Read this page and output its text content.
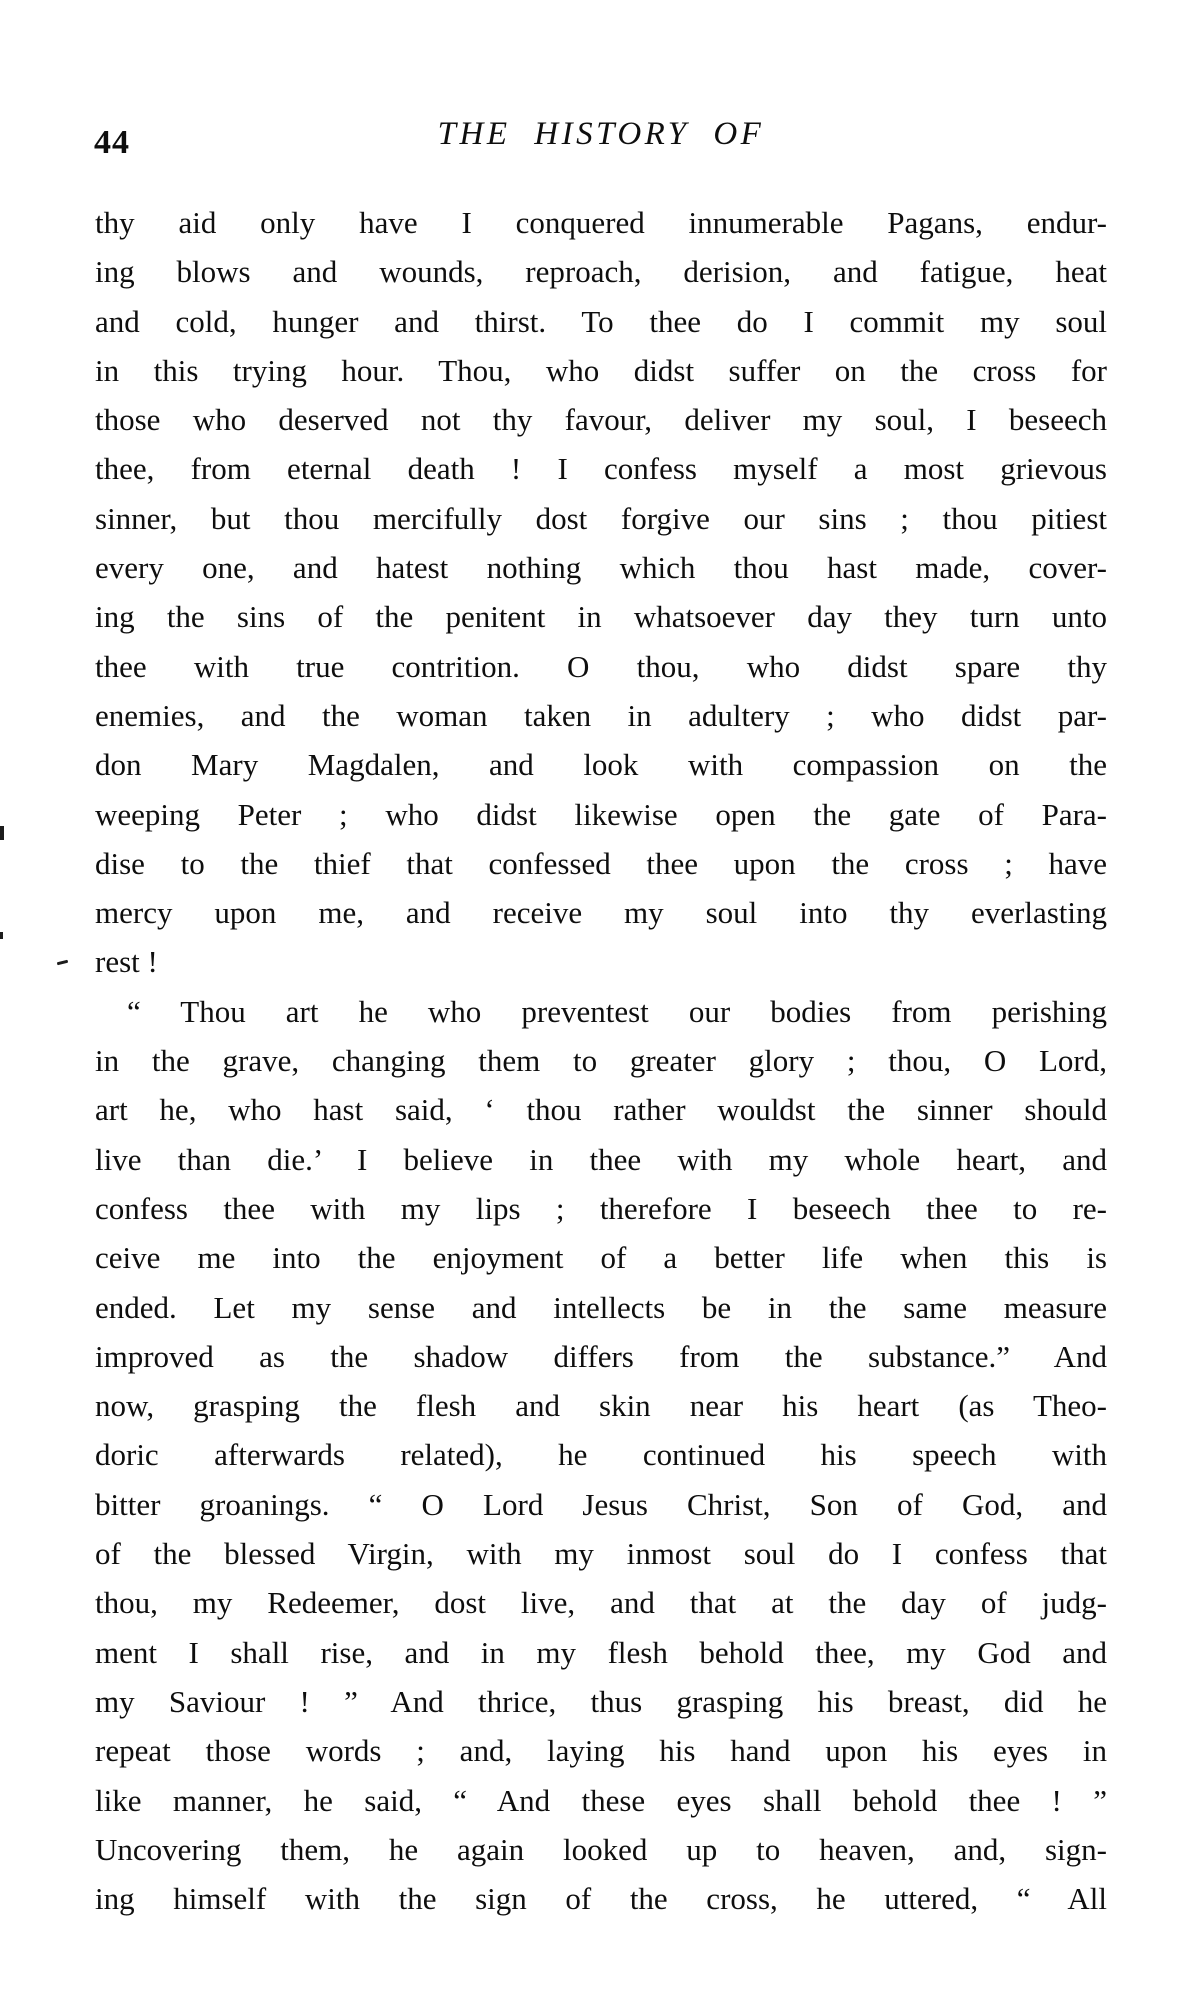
44	THE HISTORY OF
thy aid only have I conquered innumerable Pagans, endur-
ing blows and wounds, reproach, derision, and fatigue, heat
and cold, hunger and thirst. To thee do I commit my soul
in this trying hour. Thou, who didst suffer on the cross for
those who deserved not thy favour, deliver my soul, I beseech
thee, from eternal death ! I confess myself a most grievous
sinner, but thou mercifully dost forgive our sins ; thou pitiest
every one, and hatest nothing which thou hast made, cover-
ing the sins of the penitent in whatsoever day they turn unto
thee with true contrition. O thou, who didst spare thy
enemies, and the woman taken in adultery ; who didst par-
don Mary Magdalen, and look with compassion on the
weeping Peter ; who didst likewise open the gate of Para-
dise to the thief that confessed thee upon the cross ; have
mercy upon me, and receive my soul into thy everlasting
rest !
“ Thou art he who preventest our bodies from perishing
in the grave, changing them to greater glory ; thou, O Lord,
art he, who hast said, ‘ thou rather wouldst the sinner should
live than die.’ I believe in thee with my whole heart, and
confess thee with my lips ; therefore I beseech thee to re-
ceive me into the enjoyment of a better life when this is
ended. Let my sense and intellects be in the same measure
improved as the shadow differs from the substance.” And
now, grasping the flesh and skin near his heart (as Theo-
doric afterwards related), he continued his speech with
bitter groanings. “ O Lord Jesus Christ, Son of God, and
of the blessed Virgin, with my inmost soul do I confess that
thou, my Redeemer, dost live, and that at the day of judg-
ment I shall rise, and in my flesh behold thee, my God and
my Saviour ! ” And thrice, thus grasping his breast, did he
repeat those words ; and, laying his hand upon his eyes in
like manner, he said, “ And these eyes shall behold thee ! ”
Uncovering them, he again looked up to heaven, and, sign-
ing himself with the sign of the cross, he uttered, “ All
